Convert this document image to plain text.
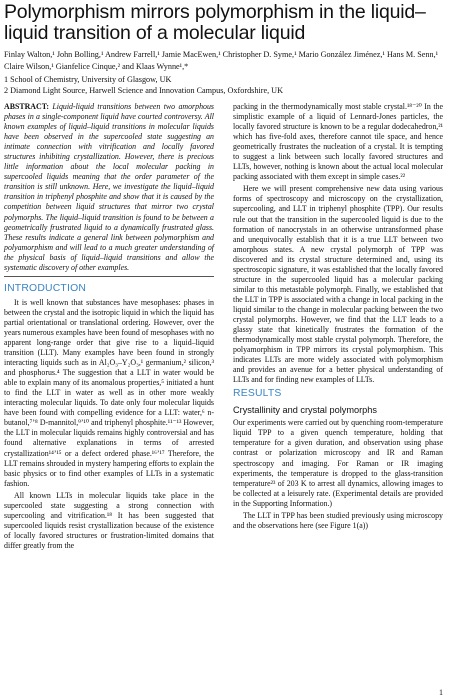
Polymorphism mirrors polymorphism in the liquid–liquid transition of a molecular liquid
Finlay Walton,¹ John Bolling,¹ Andrew Farrell,¹ Jamie MacEwen,¹ Christopher D. Syme,¹ Mario González Jiménez,¹ Hans M. Senn,¹ Claire Wilson,¹ Gianfelice Cinque,² and Klaas Wynne¹,*
1 School of Chemistry, University of Glasgow, UK
2 Diamond Light Source, Harwell Science and Innovation Campus, Oxfordshire, UK
ABSTRACT: Liquid-liquid transitions between two amorphous phases in a single-component liquid have courted controversy. All known examples of liquid–liquid transitions in molecular liquids have been observed in the supercooled state suggesting an intimate connection with vitrification and locally favored structures inhibiting crystallization. However, there is precious little information about the local molecular packing in supercooled liquids meaning that the order parameter of the transition is still unknown. Here, we investigate the liquid–liquid transition in triphenyl phosphite and show that it is caused by the competition between liquid structures that mirror two crystal polymorphs. The liquid–liquid transition is found to be between a geometrically frustrated liquid to a dynamically frustrated glass. These results indicate a general link between polymorphism and polyamorphism and will lead to a much greater understanding of the physical basis of liquid–liquid transitions and allow the systematic discovery of other examples.
INTRODUCTION

It is well known that substances have mesophases: phases in between the crystal and the isotropic liquid in which the liquid has partial orientational or translational ordering. However, over the years numerous examples have been found of mesophases with no apparent long-range order that give rise to a liquid–liquid transition (LLT). Many examples have been found in strongly interacting liquids such as in Al₂O₃–Y₂O₃,¹ germanium,² silicon,³ and phosphorus.⁴ The suggestion that a LLT in water would be able to explain many of its anomalous properties,⁵ initiated a hunt to find the LLT in water as well as in other more weakly interacting molecular liquids. To date only four molecular liquids have been found with compelling evidence for a LLT: water,⁶ n-butanol,⁷ʼ⁸ D-mannitol,⁹ʼ¹⁰ and triphenyl phosphite.¹¹⁻¹³ However, the LLT in molecular liquids remains highly controversial and has found alternative explanations in terms of arrested crystallization¹⁴ʼ¹⁵ or a defect ordered phase.¹⁶ʼ¹⁷ Therefore, the LLT remains shrouded in mystery hampering efforts to explain the basic physics or to find other examples of LLTs in a systematic fashion.

All known LLTs in molecular liquids take place in the supercooled state suggesting a strong connection with supercooling and vitrification.¹⁸ It has been suggested that supercooled liquids resist crystallization because of the existence of locally favored structures or frustration-limited domains that differ greatly from the

packing in the thermodynamically most stable crystal.¹⁸⁻²⁰ In the simplistic example of a liquid of Lennard-Jones particles, the locally favored structure is known to be a regular dodecahedron,²¹ which has five-fold axes, therefore cannot tile space, and hence geometrically frustrates the nucleation of a crystal. It is tempting to suggest a link between such locally favored structures and LLTs, however, nothing is known about the actual local molecular packing associated with them except in simple cases.²²

Here we will present comprehensive new data using various forms of spectroscopy and microscopy on the crystallization, supercooling, and LLT in triphenyl phosphite (TPP). Our results rule out that the transition in the supercooled liquid is due to the formation of nanocrystals in an otherwise untransformed phase and unequivocally establish that it is a true LLT between two amorphous states. A new crystal polymorph of TPP was discovered and its crystal structure determined and, using its spectroscopic signature, it was established that the locally favored structure in the supercooled liquid has a molecular packing similar to this metastable polymorph. Finally, we established that the LLT in TPP is associated with a change in local packing in the liquid similar to the change in molecular packing between the two crystal polymorphs. However, we find that the LLT leads to a glassy state that kinetically frustrates the formation of the thermodynamically most stable crystal polymorph. Therefore, the polyamorphism in TPP mirrors its crystal polymorphism. This indicates LLTs are more widely associated with polymorphism and provides an avenue for a better physical understanding of LLTs and for finding new examples of LLTs.

RESULTS
Crystallinity and crystal polymorphs

Our experiments were carried out by quenching room-temperature liquid TPP to a given quench temperature, holding that temperature for a given duration, and observation using phase contrast or polarization microscopy and IR and Raman spectroscopy and imaging. For Raman or IR imaging experiments, the temperature is dropped to the glass-transition temperature²³ of 203 K to arrest all dynamics, allowing images to be collected at a leisurely rate. (Experimental details are provided in the Supporting Information.)

The LLT in TPP has been studied previously using microscopy and the observations here (see Figure 1(a))

1
